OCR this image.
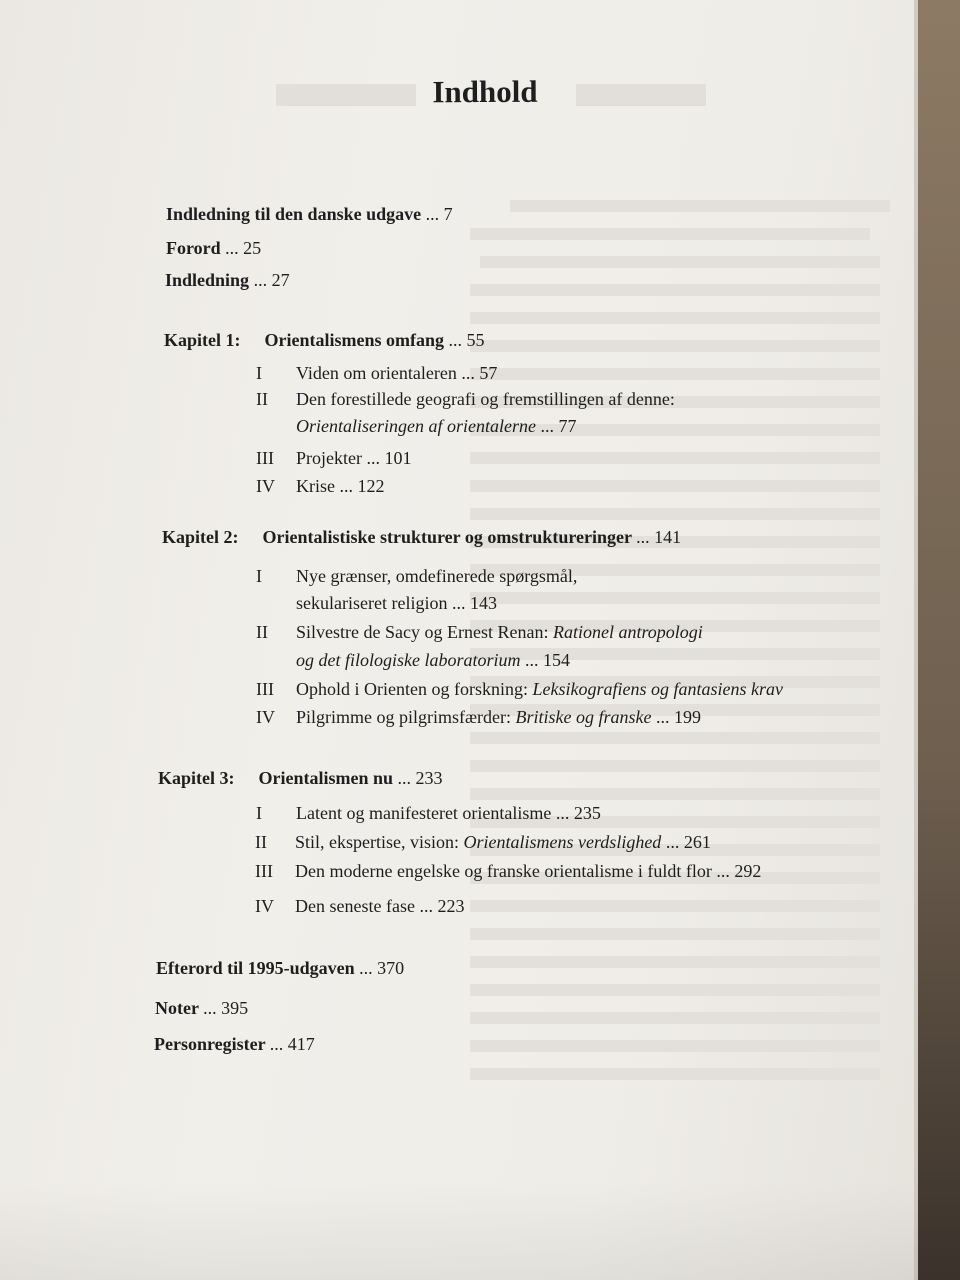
Indhold
Indledning til den danske udgave ... 7
Forord ... 25
Indledning ... 27
Kapitel 1: Orientalismens omfang ... 55
I Viden om orientaleren ... 57
II Den forestillede geografi og fremstillingen af denne:
Orientaliseringen af orientalerne ... 77
III Projekter ... 101
IV Krise ... 122
Kapitel 2: Orientalistiske strukturer og omstruktureringer ... 141
I Nye grænser, omdefinerede spørgsmål,
sekulariseret religion ... 143
II Silvestre de Sacy og Ernest Renan: Rationel antropologi
og det filologiske laboratorium ... 154
III Ophold i Orienten og forskning: Leksikografiens og fantasiens krav
IV Pilgrimme og pilgrimsfærder: Britiske og franske ... 199
Kapitel 3: Orientalismen nu ... 233
I Latent og manifesteret orientalisme ... 235
II Stil, ekspertise, vision: Orientalismens verdslighed ... 261
III Den moderne engelske og franske orientalisme i fuldt flor ... 292
IV Den seneste fase ... 223
Efterord til 1995-udgaven ... 370
Noter ... 395
Personregister ... 417
